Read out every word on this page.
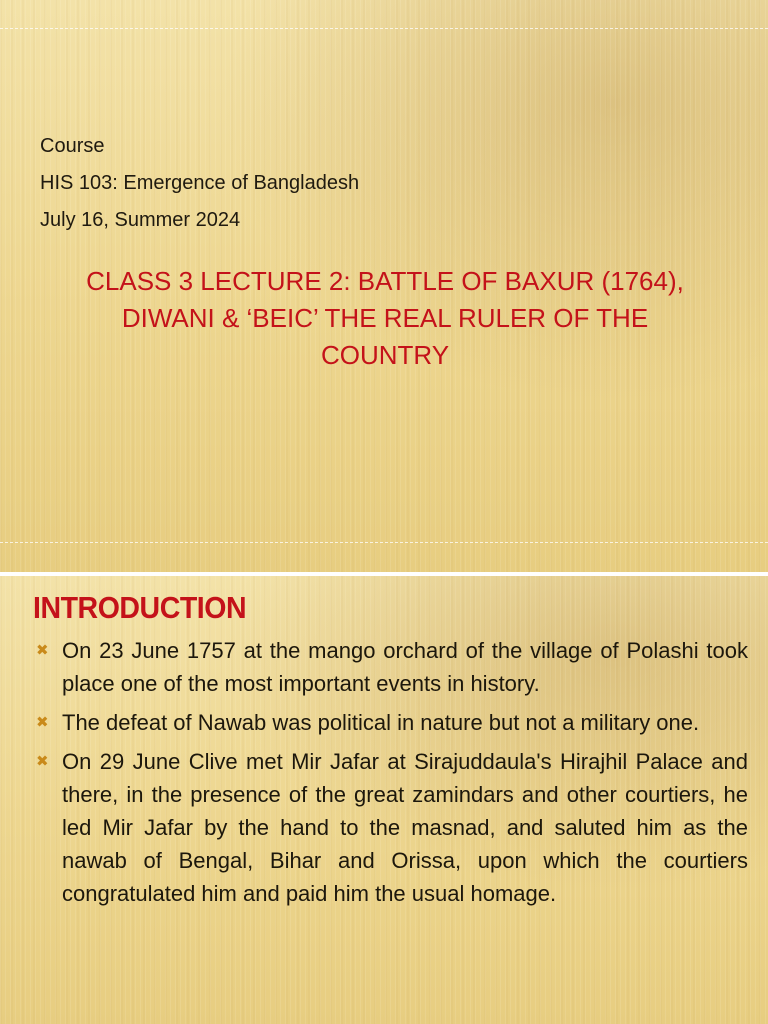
Course
HIS 103: Emergence of Bangladesh
July 16, Summer 2024
CLASS 3 LECTURE 2: BATTLE OF BAXUR (1764),
DIWANI & ‘BEIC’ THE REAL RULER OF THE
COUNTRY
INTRODUCTION
✖ On 23 June 1757 at the mango orchard of the village of Polashi took place one of the most important events in history.
✖ The defeat of Nawab was political in nature but not a military one.
✖ On 29 June Clive met Mir Jafar at Sirajuddaula's Hirajhil Palace and there, in the presence of the great zamindars and other courtiers, he led Mir Jafar by the hand to the masnad, and saluted him as the nawab of Bengal, Bihar and Orissa, upon which the courtiers congratulated him and paid him the usual homage.
